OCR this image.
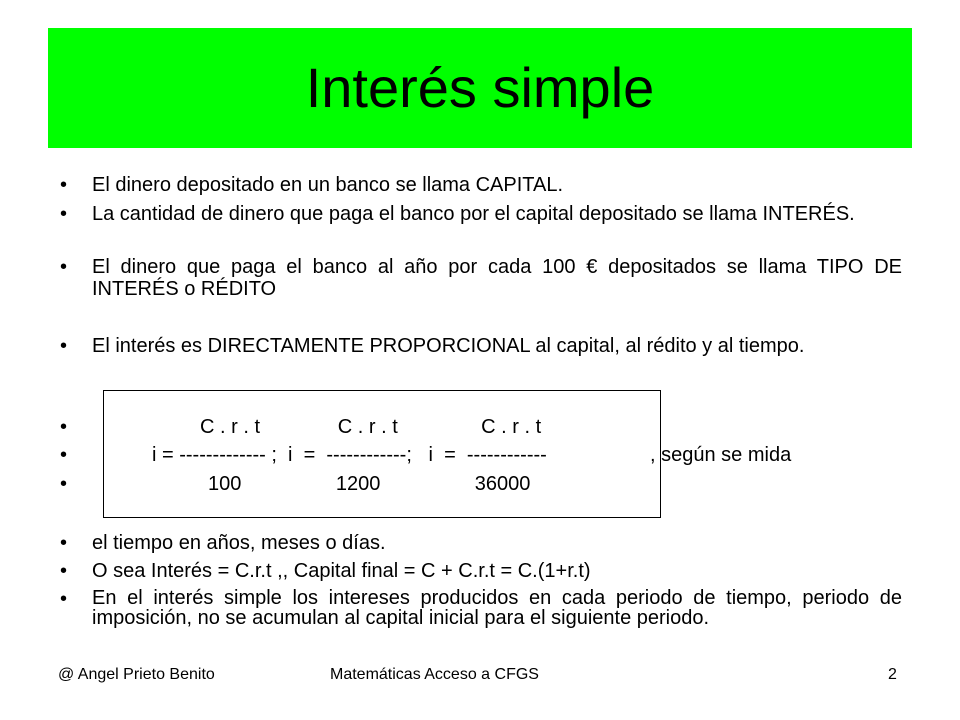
Interés simple
• El dinero depositado en un banco se llama CAPITAL.
• La cantidad de dinero que paga el banco por el capital depositado se llama INTERÉS.
• El dinero que paga el banco al año por cada 100 € depositados se llama TIPO DE INTERÉS o RÉDITO
• El interés es DIRECTAMENTE PROPORCIONAL al capital, al rédito y al tiempo.
•	C . r . t              C . r . t               C . r . t
•	i = ------------- ;  i  =  ------------;   i  =  ------------	, según se mida
•	100                 1200                 36000
• el tiempo en años, meses o días.
• O sea Interés = C.r.t ,, Capital final = C + C.r.t = C.(1+r.t)
• En el interés simple los intereses producidos en cada periodo de tiempo, periodo de imposición, no se acumulan al capital inicial para el siguiente periodo.
@ Angel Prieto Benito	Matemáticas Acceso a CFGS	2
